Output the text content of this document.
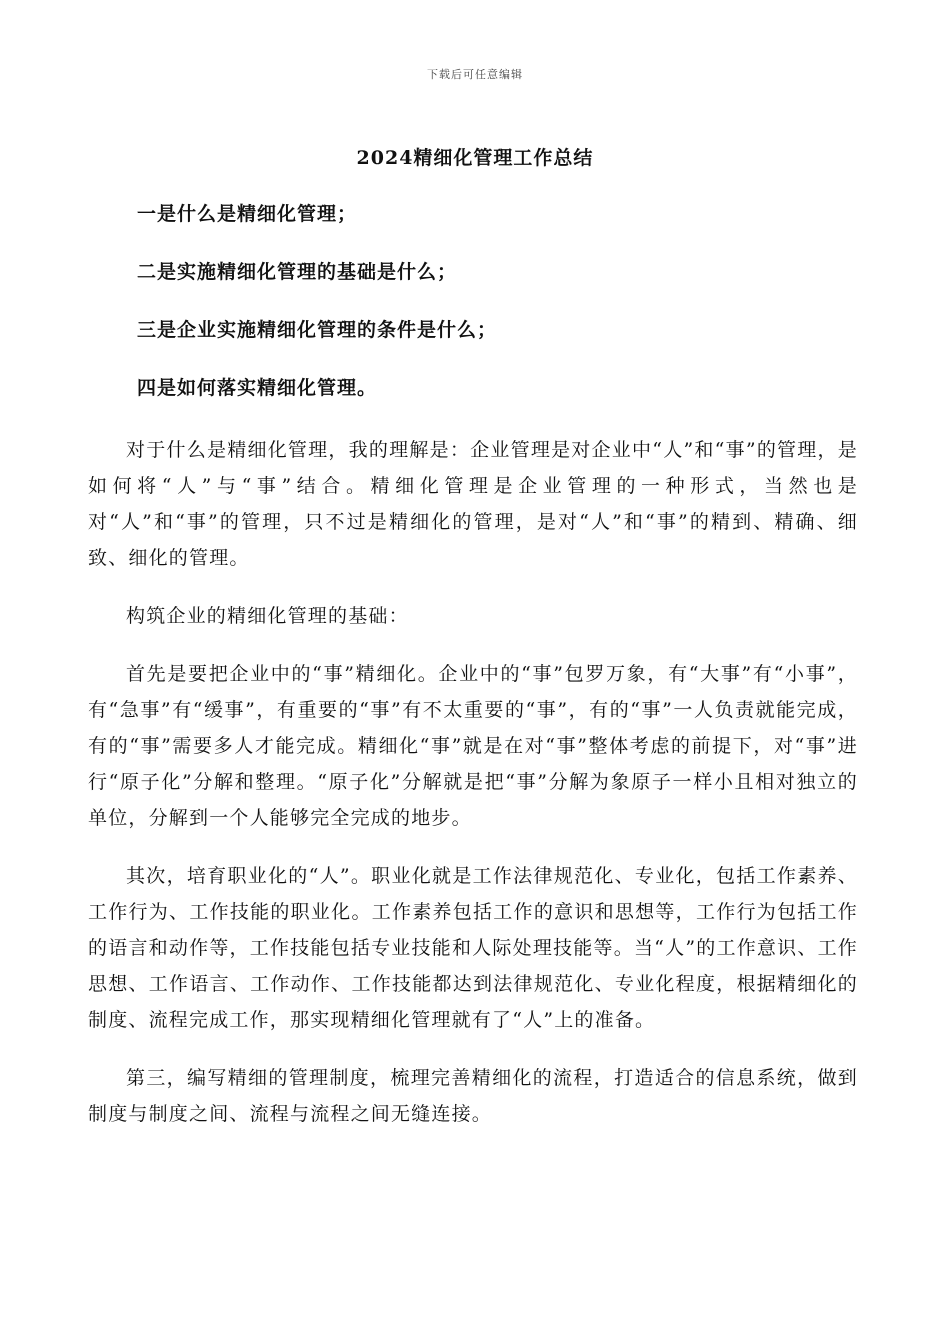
下载后可任意编辑
2024精细化管理工作总结
一是什么是精细化管理；
二是实施精细化管理的基础是什么；
三是企业实施精细化管理的条件是什么；
四是如何落实精细化管理。

对于什么是精细化管理，我的理解是：企业管理是对企业中“人”和“事”的管理，是如何将“人”与“事”结合。精细化管理是企业管理的一种形式，当然也是对“人”和“事”的管理，只不过是精细化的管理，是对“人”和“事”的精到、精确、细致、细化的管理。

构筑企业的精细化管理的基础：

首先是要把企业中的“事”精细化。企业中的“事”包罗万象，有“大事”有“小事”，有“急事”有“缓事”，有重要的“事”有不太重要的“事”，有的“事”一人负责就能完成，有的“事”需要多人才能完成。精细化“事”就是在对“事”整体考虑的前提下，对“事”进行“原子化”分解和整理。“原子化”分解就是把“事”分解为象原子一样小且相对独立的单位，分解到一个人能够完全完成的地步。

其次，培育职业化的“人”。职业化就是工作法律规范化、专业化，包括工作素养、工作行为、工作技能的职业化。工作素养包括工作的意识和思想等，工作行为包括工作的语言和动作等，工作技能包括专业技能和人际处理技能等。当“人”的工作意识、工作思想、工作语言、工作动作、工作技能都达到法律规范化、专业化程度，根据精细化的制度、流程完成工作，那实现精细化管理就有了“人”上的准备。

第三，编写精细的管理制度，梳理完善精细化的流程，打造适合的信息系统，做到制度与制度之间、流程与流程之间无缝连接。
